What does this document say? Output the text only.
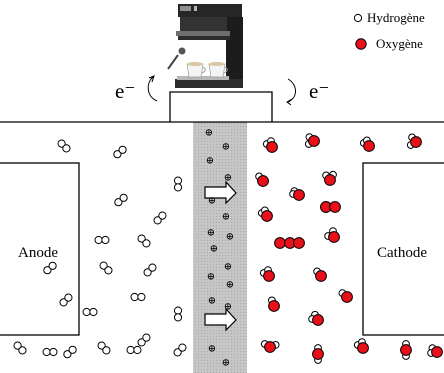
Anode	Cathode
e⁻	e⁻
Hydrogène
Oxygène
⊕
⊕
⊕
⊕
⊕
⊕
⊕ ⊕
⊕
⊕
⊕
⊕
⊕
⊕
⊕
⊕
